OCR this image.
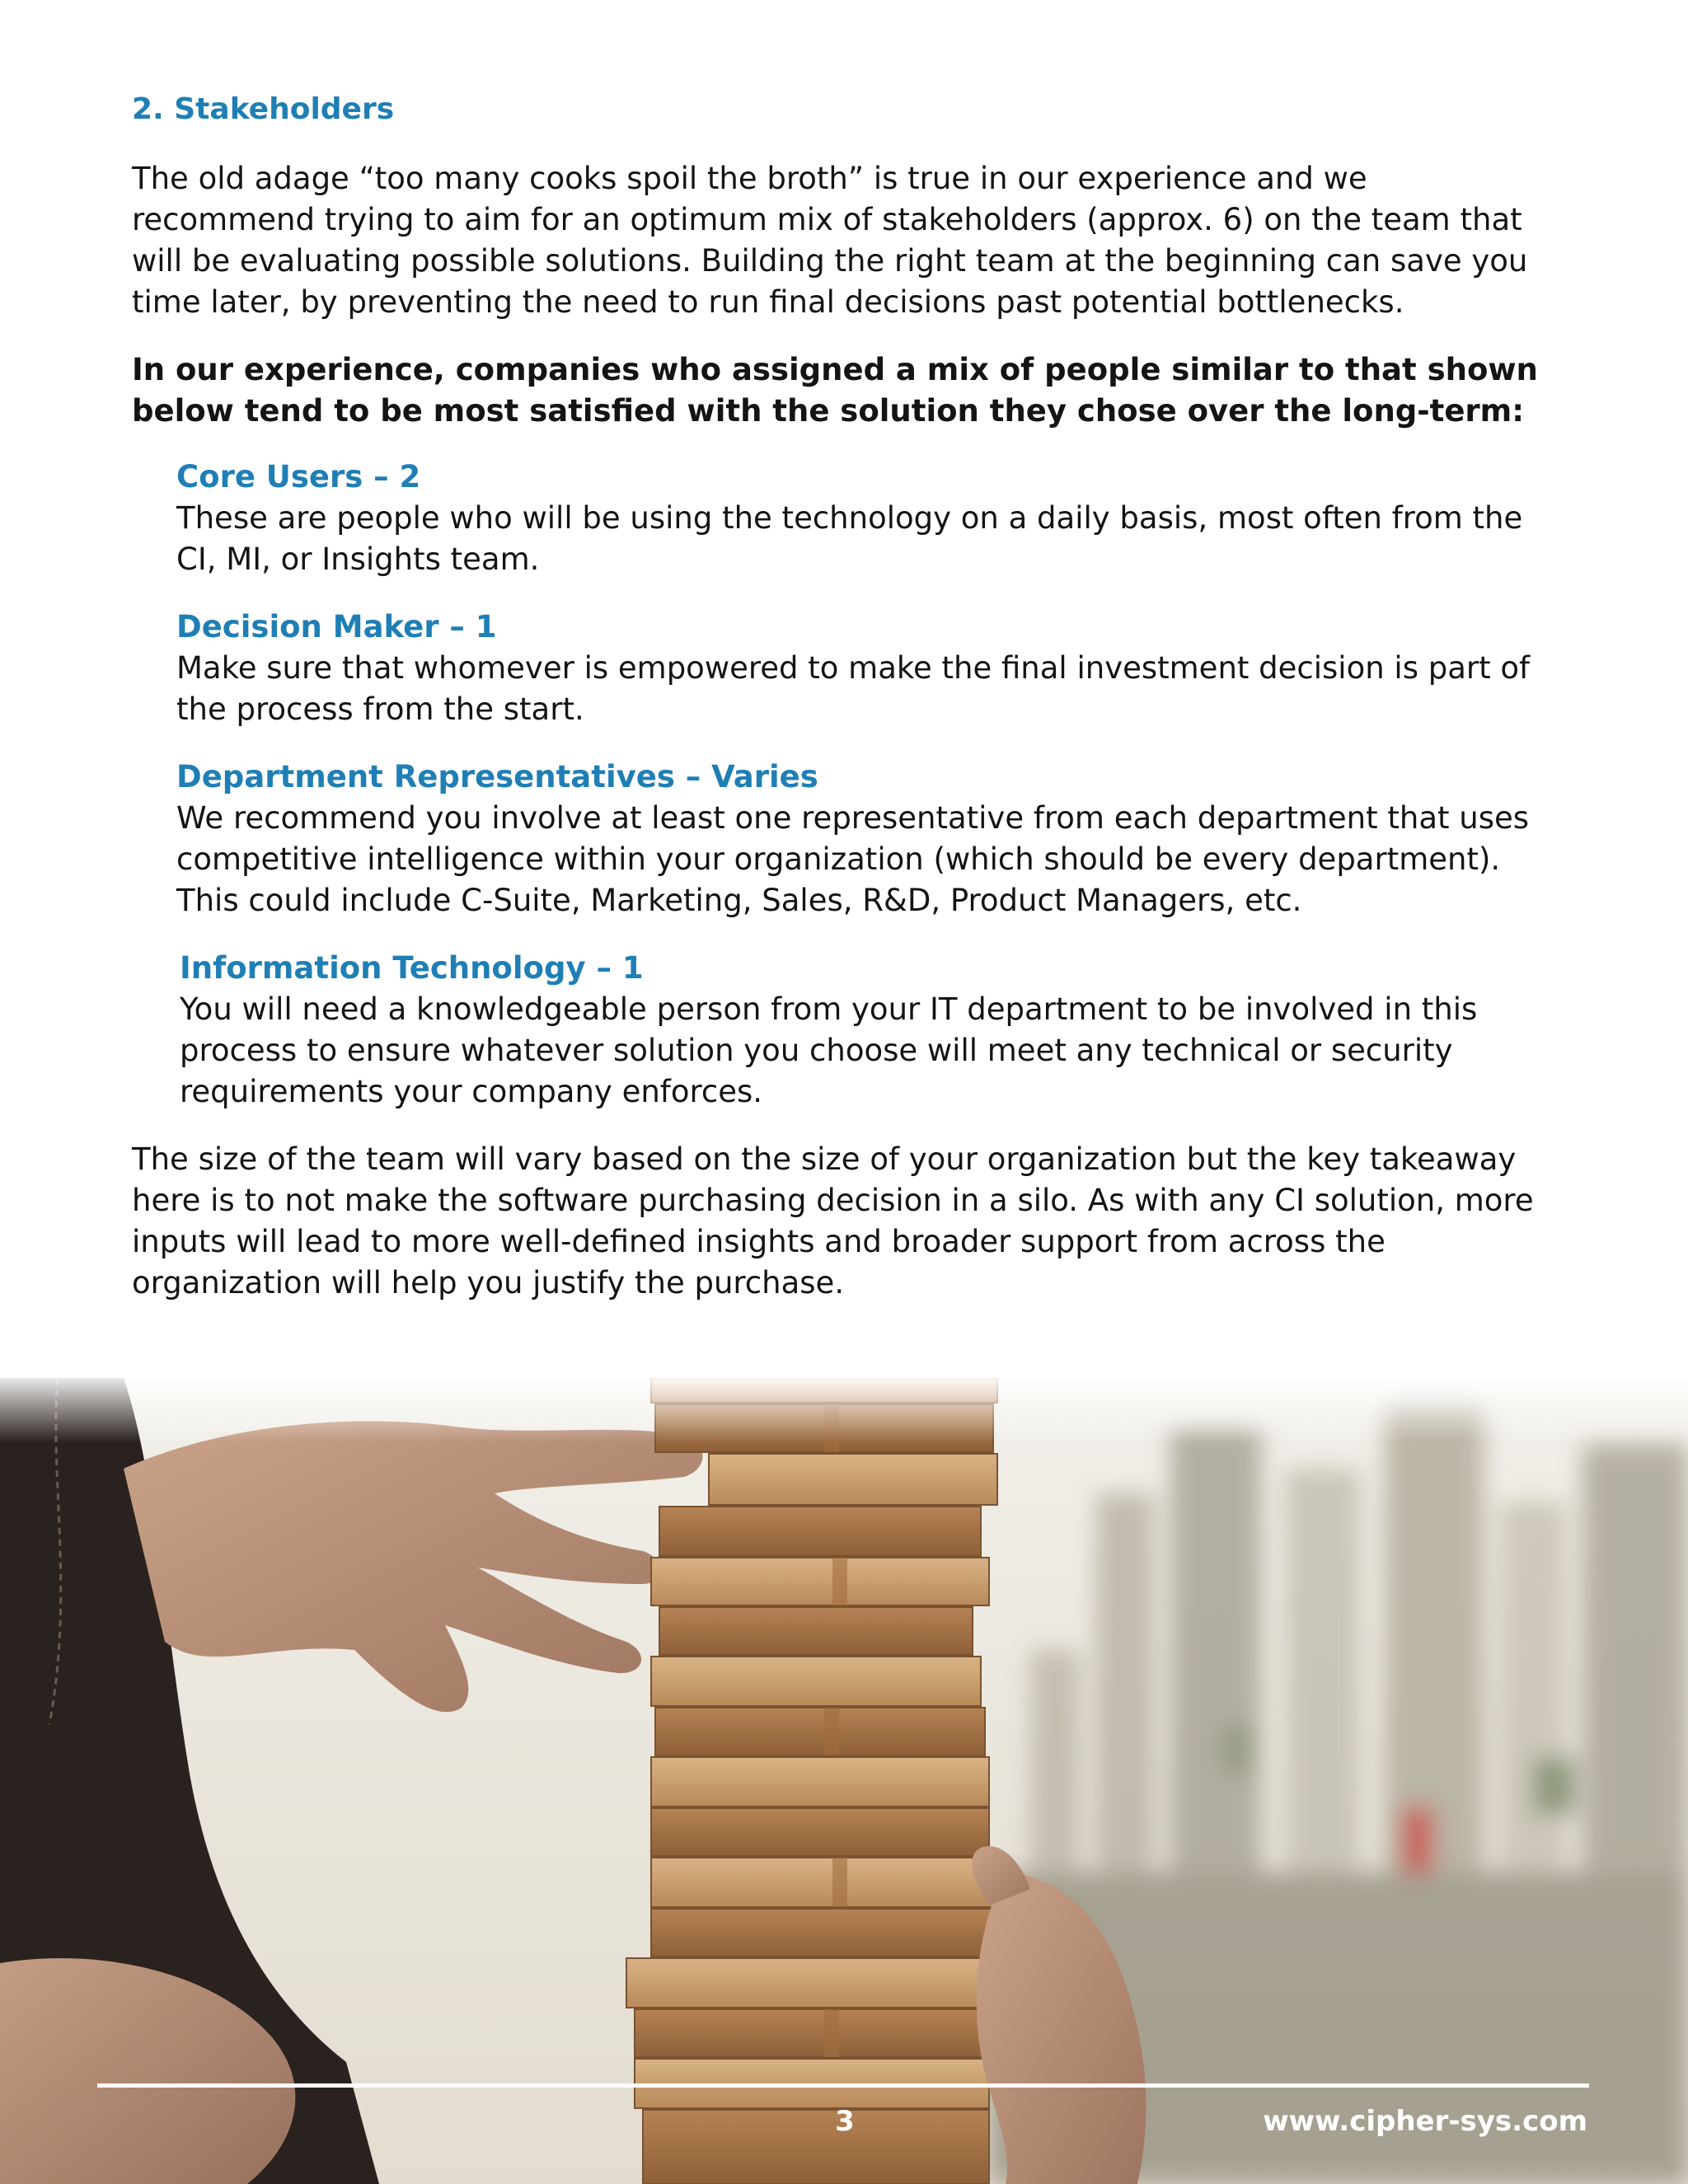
2. Stakeholders
The old adage “too many cooks spoil the broth” is true in our experience and we recommend trying to aim for an optimum mix of stakeholders (approx. 6) on the team that will be evaluating possible solutions. Building the right team at the beginning can save you time later, by preventing the need to run final decisions past potential bottlenecks.
In our experience, companies who assigned a mix of people similar to that shown below tend to be most satisfied with the solution they chose over the long-term:
Core Users – 2
These are people who will be using the technology on a daily basis, most often from the CI, MI, or Insights team.
Decision Maker – 1
Make sure that whomever is empowered to make the final investment decision is part of the process from the start.
Department Representatives – Varies
We recommend you involve at least one representative from each department that uses competitive intelligence within your organization (which should be every department). This could include C-Suite, Marketing, Sales, R&D, Product Managers, etc.
Information Technology – 1
You will need a knowledgeable person from your IT department to be involved in this process to ensure whatever solution you choose will meet any technical or security requirements your company enforces.
The size of the team will vary based on the size of your organization but the key takeaway here is to not make the software purchasing decision in a silo. As with any CI solution, more inputs will lead to more well-defined insights and broader support from across the organization will help you justify the purchase.
3	www.cipher-sys.com
